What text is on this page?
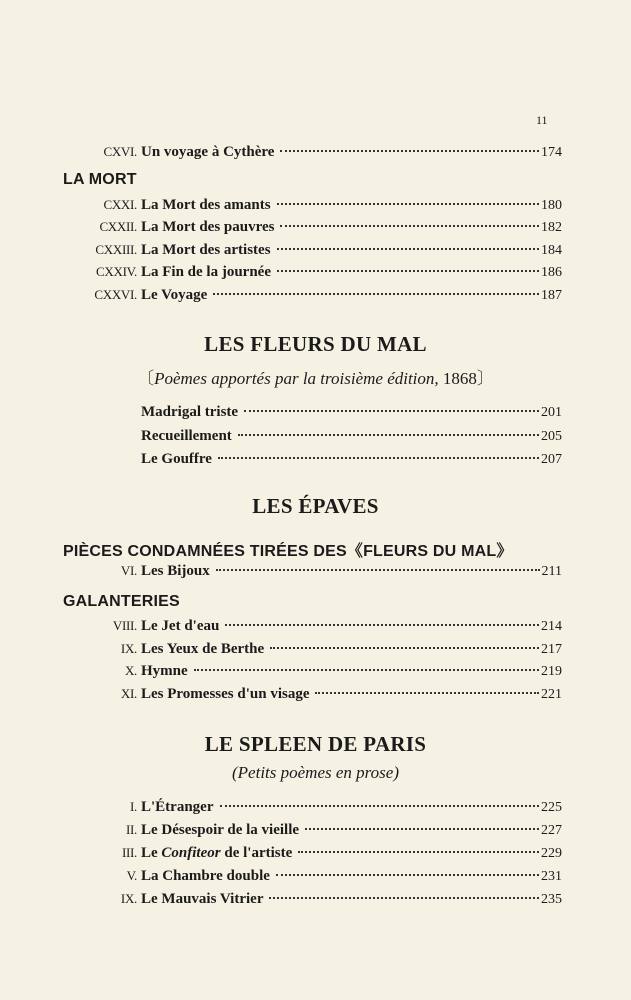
11
CXVI. Un voyage à Cythère	174
LA MORT
CXXI. La Mort des amants	180
CXXII. La Mort des pauvres	182
CXXIII. La Mort des artistes	184
CXXIV. La Fin de la journée	186
CXXVI. Le Voyage	187
LES FLEURS DU MAL
〔Poèmes apportés par la troisième édition, 1868〕
Madrigal triste	201
Recueillement	205
Le Gouffre	207
LES ÉPAVES
PIÈCES CONDAMNÉES TIRÉES DES《FLEURS DU MAL》
VI. Les Bijoux	211
GALANTERIES
VIII. Le Jet d'eau	214
IX. Les Yeux de Berthe	217
X. Hymne	219
XI. Les Promesses d'un visage	221
LE SPLEEN DE PARIS
(Petits poèmes en prose)
I. L'Étranger	225
II. Le Désespoir de la vieille	227
III. Le Confiteor de l'artiste	229
V. La Chambre double	231
IX. Le Mauvais Vitrier	235
